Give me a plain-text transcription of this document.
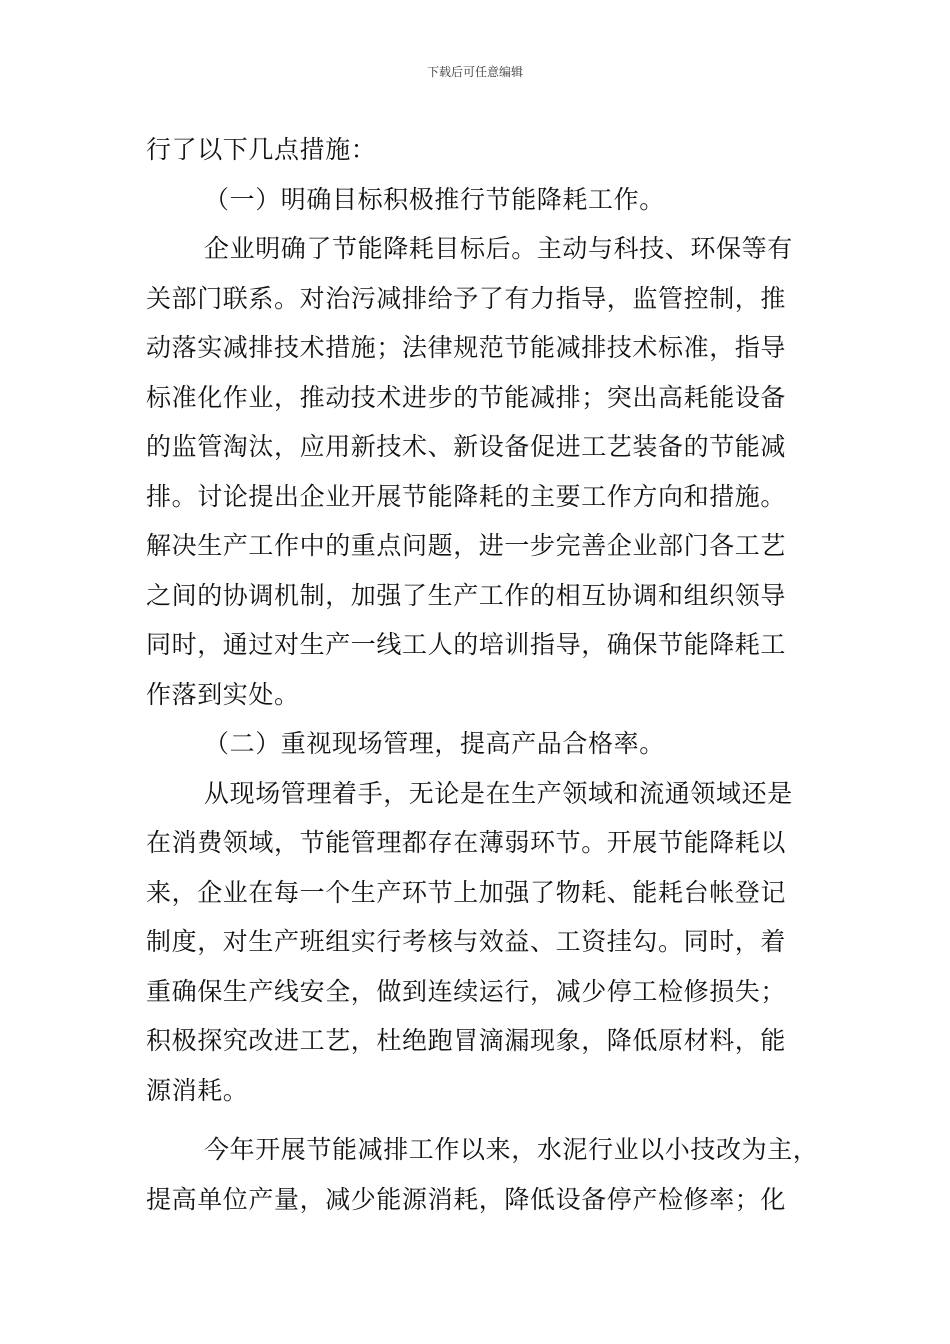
下载后可任意编辑
行了以下几点措施：
（一）明确目标积极推行节能降耗工作。
企业明确了节能降耗目标后。主动与科技、环保等有
关部门联系。对治污减排给予了有力指导，监管控制，推
动落实减排技术措施；法律规范节能减排技术标准，指导
标准化作业，推动技术进步的节能减排；突出高耗能设备
的监管淘汰，应用新技术、新设备促进工艺装备的节能减
排。讨论提出企业开展节能降耗的主要工作方向和措施。
解决生产工作中的重点问题，进一步完善企业部门各工艺
之间的协调机制，加强了生产工作的相互协调和组织领导
同时，通过对生产一线工人的培训指导，确保节能降耗工
作落到实处。
（二）重视现场管理，提高产品合格率。
从现场管理着手，无论是在生产领域和流通领域还是
在消费领域，节能管理都存在薄弱环节。开展节能降耗以
来，企业在每一个生产环节上加强了物耗、能耗台帐登记
制度，对生产班组实行考核与效益、工资挂勾。同时，着
重确保生产线安全，做到连续运行，减少停工检修损失；
积极探究改进工艺，杜绝跑冒滴漏现象，降低原材料，能
源消耗。
今年开展节能减排工作以来，水泥行业以小技改为主，
提高单位产量，减少能源消耗，降低设备停产检修率；化
